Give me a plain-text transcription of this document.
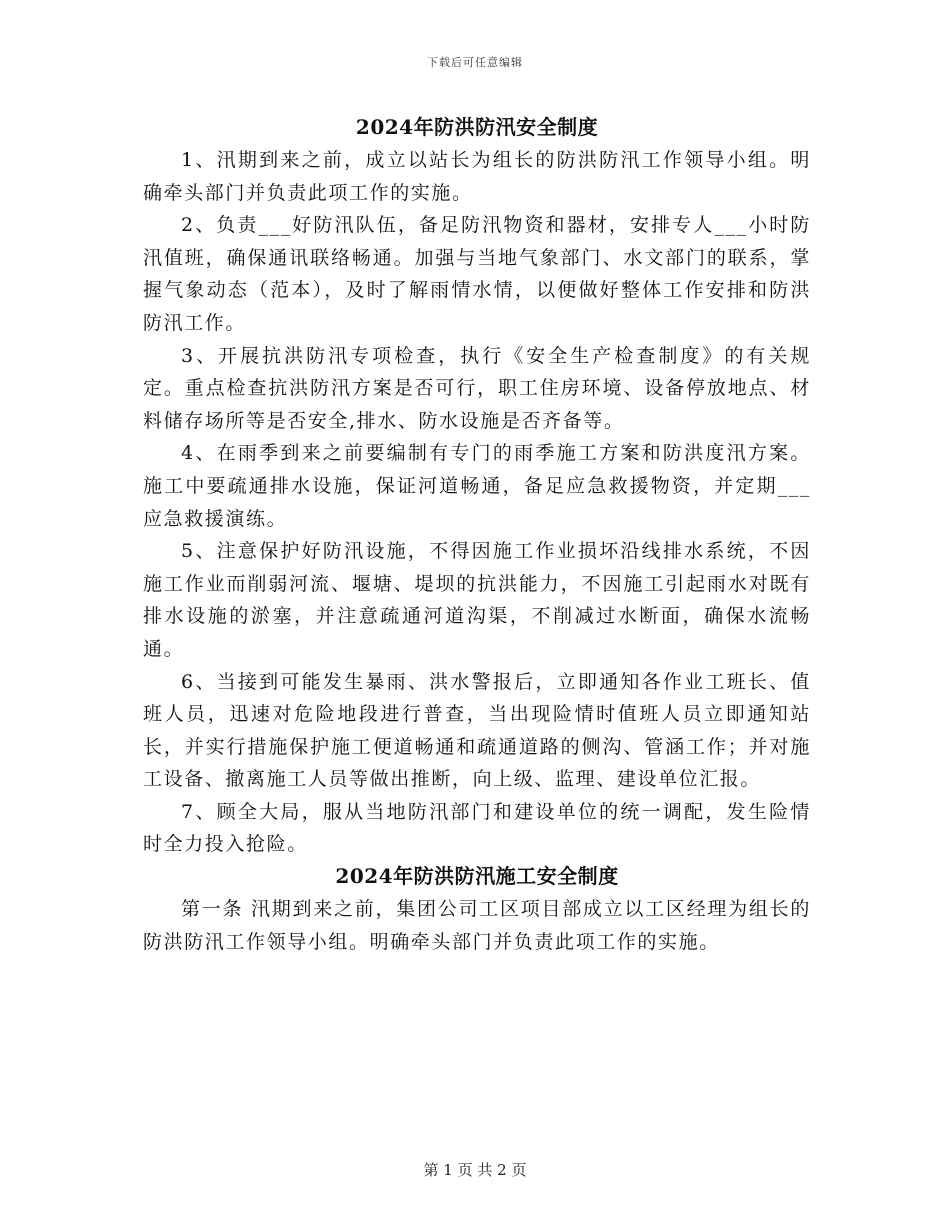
下载后可任意编辑
2024年防洪防汛安全制度

1、汛期到来之前，成立以站长为组长的防洪防汛工作领导小组。明确牵头部门并负责此项工作的实施。

2、负责___好防汛队伍，备足防汛物资和器材，安排专人___小时防汛值班，确保通讯联络畅通。加强与当地气象部门、水文部门的联系，掌握气象动态（范本），及时了解雨情水情，以便做好整体工作安排和防洪防汛工作。

3、开展抗洪防汛专项检查，执行《安全生产检查制度》的有关规定。重点检查抗洪防汛方案是否可行，职工住房环境、设备停放地点、材料储存场所等是否安全,排水、防水设施是否齐备等。

4、在雨季到来之前要编制有专门的雨季施工方案和防洪度汛方案。施工中要疏通排水设施，保证河道畅通，备足应急救援物资，并定期___应急救援演练。

5、注意保护好防汛设施，不得因施工作业损坏沿线排水系统，不因施工作业而削弱河流、堰塘、堤坝的抗洪能力，不因施工引起雨水对既有排水设施的淤塞，并注意疏通河道沟渠，不削减过水断面，确保水流畅通。

6、当接到可能发生暴雨、洪水警报后，立即通知各作业工班长、值班人员，迅速对危险地段进行普查，当出现险情时值班人员立即通知站长，并实行措施保护施工便道畅通和疏通道路的侧沟、管涵工作；并对施工设备、撤离施工人员等做出推断，向上级、监理、建设单位汇报。

7、顾全大局，服从当地防汛部门和建设单位的统一调配，发生险情时全力投入抢险。

2024年防洪防汛施工安全制度

第一条 汛期到来之前，集团公司工区项目部成立以工区经理为组长的防洪防汛工作领导小组。明确牵头部门并负责此项工作的实施。

第 1 页 共 2 页
